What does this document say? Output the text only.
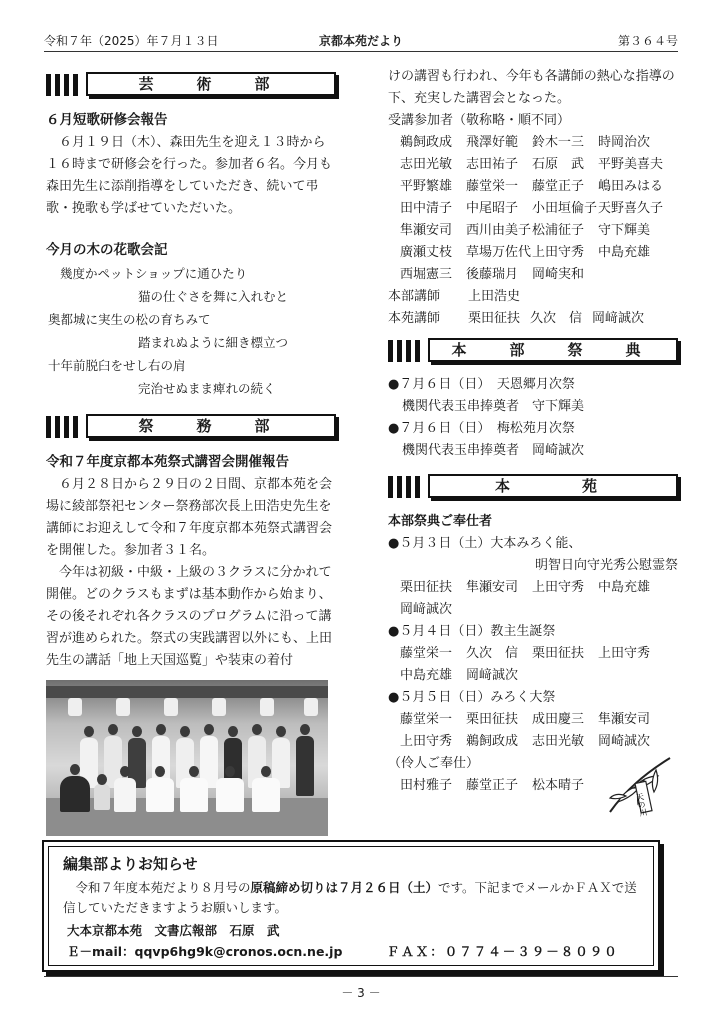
令和７年（2025）年７月１３日	京都本苑だより	第３６４号
芸　術　部
６月短歌研修会報告

６月１９日（木）、森田先生を迎え１３時から１６時まで研修会を行った。参加者６名。今月も森田先生に添削指導をしていただき、続いて弔歌・挽歌も学ばせていただいた。

今月の木の花歌会記
幾度かペットショップに通ひたり
猫の仕ぐさを舞に入れむと
奥都城に実生の松の育ちみて
踏まれぬように細き標立つ
十年前脱臼をせし右の肩
完治せぬまま痺れの続く
祭　務　部
令和７年度京都本苑祭式講習会開催報告

６月２８日から２９日の２日間、京都本苑を会場に綾部祭祀センター祭務部次長上田浩史先生を講師にお迎えして令和７年度京都本苑祭式講習会を開催した。参加者３１名。

今年は初級・中級・上級の３クラスに分かれて開催。どのクラスもまずは基本動作から始まり、その後それぞれ各クラスのプログラムに沿って講習が進められた。祭式の実践講習以外にも、上田先生の講話「地上天国巡覧」や装束の着付

けの講習も行われ、今年も各講師の熱心な指導の下、充実した講習会となった。

受講参加者（敬称略・順不同）
鵜飼政成 飛澤好範 鈴木一三 時岡治次
志田光敏 志田祐子 石原　武 平野美喜夫
平野繁雄 藤堂栄一 藤堂正子 嶋田みはる
田中清子 中尾昭子 小田垣倫子天野喜久子
隼瀬安司 西川由美子松浦征子 守下輝美
廣瀬丈枝 草場万佐代上田守秀 中島充雄
西堀憲三 後藤瑞月 岡崎実和
本部講師 上田浩史
本苑講師 栗田征扶 久次　信 岡﨑誠次
本　部　祭　典
●７月６日（日）　天恩郷月次祭
機関代表玉串捧奠者　 守下輝美
●７月６日（日）　梅松苑月次祭
機関代表玉串捧奠者　 岡崎誠次
本　　苑
本部祭典ご奉仕者
●５月３日（土）大本みろく能、
明智日向守光秀公慰霊祭
栗田征扶 隼瀬安司 上田守秀 中島充雄
岡﨑誠次
●５月４日（日）教主生誕祭
藤堂栄一 久次　信 栗田征扶 上田守秀
中島充雄 岡﨑誠次
●５月５日（日）みろく大祭
藤堂栄一 栗田征扶 成田慶三 隼瀬安司
上田守秀 鵜飼政成 志田光敏 岡崎誠次
（伶人ご奉仕）
田村雅子 藤堂正子 松本晴子
天の川
編集部よりお知らせ

令和７年度本苑だより８月号の原稿締め切りは７月２６日（土）です。下記までメールかＦＡＸで送信していただきますようお願いします。

大本京都本苑　文書広報部　石原　武
Ｅ－mail：qqvp6hg9k@cronos.ocn.ne.jp	ＦＡＸ：０７７４－３９－８０９０
－ 3 －
